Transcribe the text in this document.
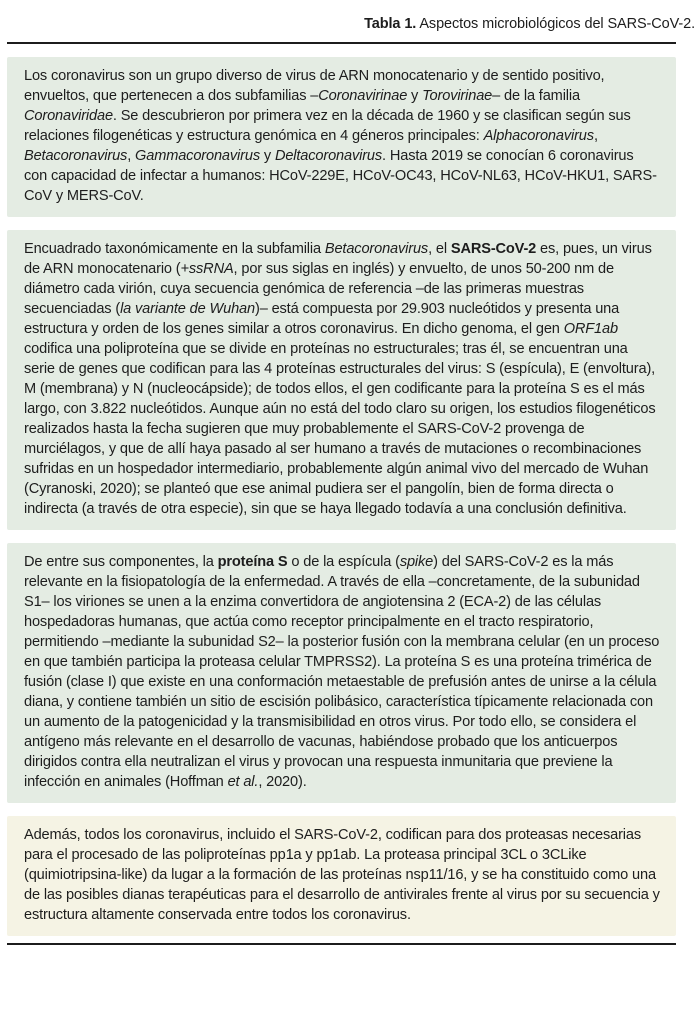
Tabla 1. Aspectos microbiológicos del SARS-CoV-2.
Los coronavirus son un grupo diverso de virus de ARN monocatenario y de sentido positivo, envueltos, que pertenecen a dos subfamilias –Coronavirinae y Torovirinae– de la familia Coronaviridae. Se descubrieron por primera vez en la década de 1960 y se clasifican según sus relaciones filogenéticas y estructura genómica en 4 géneros principales: Alphacoronavirus, Betacoronavirus, Gammacoronavirus y Deltacoronavirus. Hasta 2019 se conocían 6 coronavirus con capacidad de infectar a humanos: HCoV-229E, HCoV-OC43, HCoV-NL63, HCoV-HKU1, SARS-CoV y MERS-CoV.
Encuadrado taxonómicamente en la subfamilia Betacoronavirus, el SARS-CoV-2 es, pues, un virus de ARN monocatenario (+ssRNA, por sus siglas en inglés) y envuelto, de unos 50-200 nm de diámetro cada virión, cuya secuencia genómica de referencia –de las primeras muestras secuenciadas (la variante de Wuhan)– está compuesta por 29.903 nucleótidos y presenta una estructura y orden de los genes similar a otros coronavirus. En dicho genoma, el gen ORF1ab codifica una poliproteína que se divide en proteínas no estructurales; tras él, se encuentran una serie de genes que codifican para las 4 proteínas estructurales del virus: S (espícula), E (envoltura), M (membrana) y N (nucleocápside); de todos ellos, el gen codificante para la proteína S es el más largo, con 3.822 nucleótidos. Aunque aún no está del todo claro su origen, los estudios filogenéticos realizados hasta la fecha sugieren que muy probablemente el SARS-CoV-2 provenga de murciélagos, y que de allí haya pasado al ser humano a través de mutaciones o recombinaciones sufridas en un hospedador intermediario, probablemente algún animal vivo del mercado de Wuhan (Cyranoski, 2020); se planteó que ese animal pudiera ser el pangolín, bien de forma directa o indirecta (a través de otra especie), sin que se haya llegado todavía a una conclusión definitiva.
De entre sus componentes, la proteína S o de la espícula (spike) del SARS-CoV-2 es la más relevante en la fisiopatología de la enfermedad. A través de ella –concretamente, de la subunidad S1– los viriones se unen a la enzima convertidora de angiotensina 2 (ECA-2) de las células hospedadoras humanas, que actúa como receptor principalmente en el tracto respiratorio, permitiendo –mediante la subunidad S2– la posterior fusión con la membrana celular (en un proceso en que también participa la proteasa celular TMPRSS2). La proteína S es una proteína trimérica de fusión (clase I) que existe en una conformación metaestable de prefusión antes de unirse a la célula diana, y contiene también un sitio de escisión polibásico, característica típicamente relacionada con un aumento de la patogenicidad y la transmisibilidad en otros virus. Por todo ello, se considera el antígeno más relevante en el desarrollo de vacunas, habiéndose probado que los anticuerpos dirigidos contra ella neutralizan el virus y provocan una respuesta inmunitaria que previene la infección en animales (Hoffman et al., 2020).
Además, todos los coronavirus, incluido el SARS-CoV-2, codifican para dos proteasas necesarias para el procesado de las poliproteínas pp1a y pp1ab. La proteasa principal 3CL o 3CLike (quimiotripsina-like) da lugar a la formación de las proteínas nsp11/16, y se ha constituido como una de las posibles dianas terapéuticas para el desarrollo de antivirales frente al virus por su secuencia y estructura altamente conservada entre todos los coronavirus.
